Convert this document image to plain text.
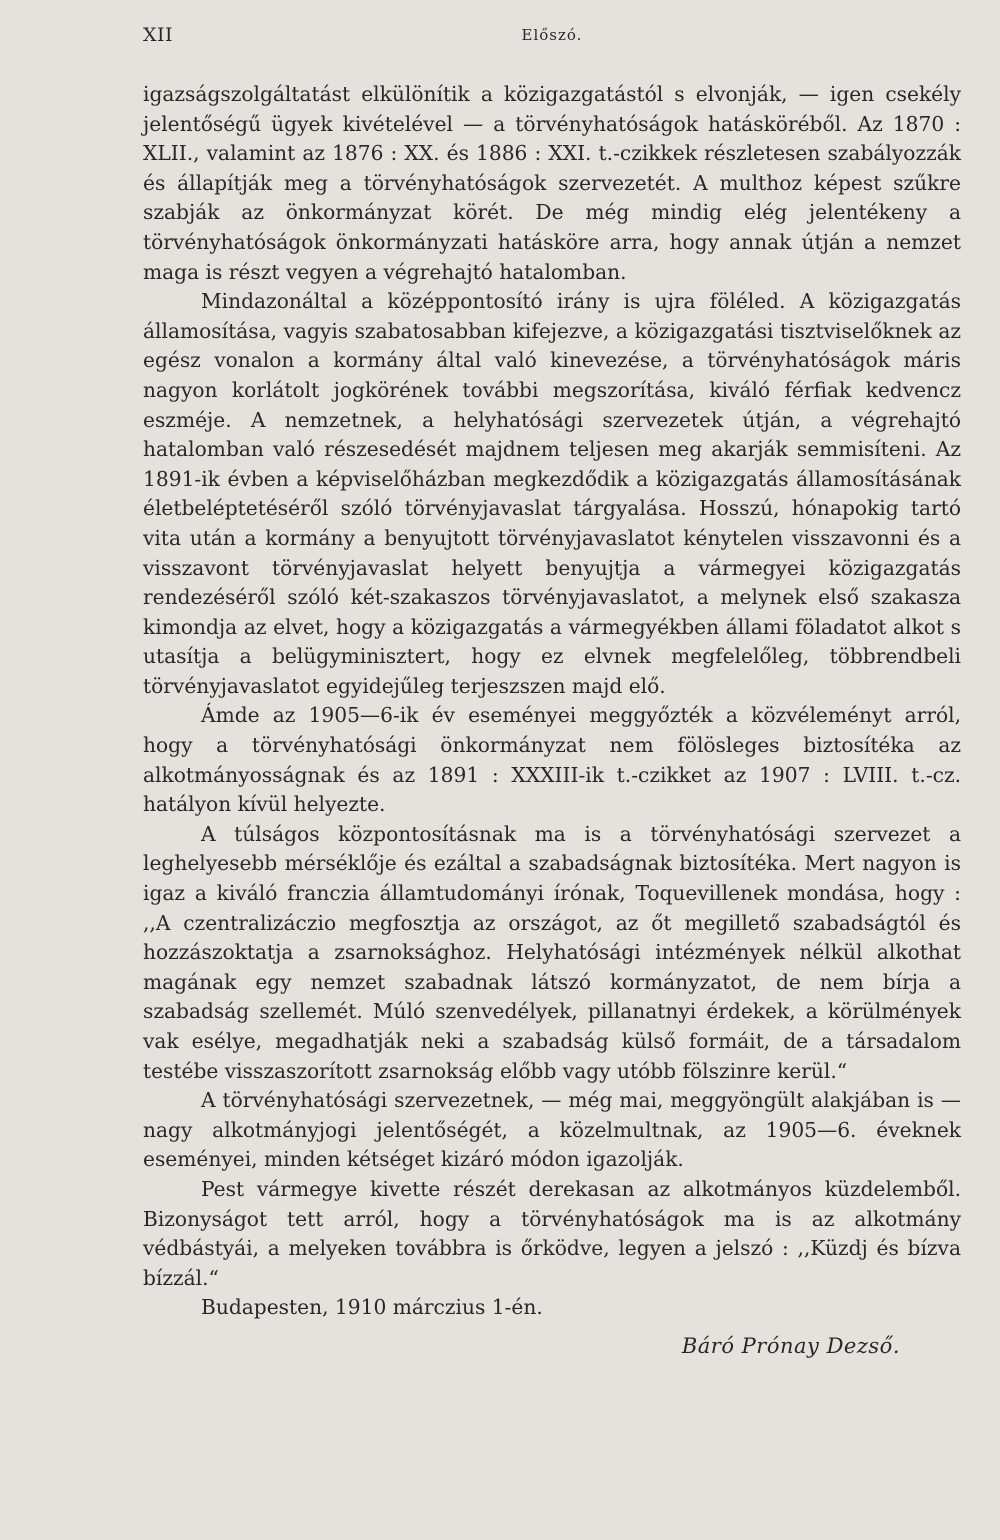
XII	Előszó.

igazságszolgáltatást elkülönítik a közigazgatástól s elvonják, — igen csekély jelentőségű ügyek kivételével — a törvényhatóságok hatásköréből. Az 1870 : XLII., valamint az 1876 : XX. és 1886 : XXI. t.-czikkek részletesen szabályozzák és állapítják meg a törvényhatóságok szervezetét. A multhoz képest szűkre szabják az önkormányzat körét. De még mindig elég jelentékeny a törvényhatóságok önkormányzati hatásköre arra, hogy annak útján a nemzet maga is részt vegyen a végrehajtó hatalomban.

Mindazonáltal a középpontosító irány is ujra föléled. A közigazgatás államosítása, vagyis szabatosabban kifejezve, a közigazgatási tisztviselőknek az egész vonalon a kormány által való kinevezése, a törvényhatóságok máris nagyon korlátolt jogkörének további megszorítása, kiváló férfiak kedvencz eszméje. A nemzetnek, a helyhatósági szervezetek útján, a végrehajtó hatalomban való részesedését majdnem teljesen meg akarják semmisíteni. Az 1891-ik évben a képviselőházban megkezdődik a közigazgatás államosításának életbeléptetéséről szóló törvényjavaslat tárgyalása. Hosszú, hónapokig tartó vita után a kormány a benyujtott törvényjavaslatot kénytelen visszavonni és a visszavont törvényjavaslat helyett benyujtja a vármegyei közigazgatás rendezéséről szóló két-szakaszos törvényjavaslatot, a melynek első szakasza kimondja az elvet, hogy a közigazgatás a vármegyékben állami föladatot alkot s utasítja a belügyminisztert, hogy ez elvnek megfelelőleg, többrendbeli törvényjavaslatot egyidejűleg terjeszszen majd elő.

Ámde az 1905—6-ik év eseményei meggyőzték a közvéleményt arról, hogy a törvényhatósági önkormányzat nem fölösleges biztosítéka az alkotmányosságnak és az 1891 : XXXIII-ik t.-czikket az 1907 : LVIII. t.-cz. hatályon kívül helyezte.

A túlságos központosításnak ma is a törvényhatósági szervezet a leghelyesebb mérséklője és ezáltal a szabadságnak biztosítéka. Mert nagyon is igaz a kiváló franczia államtudományi írónak, Toquevillenek mondása, hogy : ,,A czentralizáczio megfosztja az országot, az őt megillető szabadságtól és hozzászoktatja a zsarnoksághoz. Helyhatósági intézmények nélkül alkothat magának egy nemzet szabadnak látszó kormányzatot, de nem bírja a szabadság szellemét. Múló szenvedélyek, pillanatnyi érdekek, a körülmények vak esélye, megadhatják neki a szabadság külső formáit, de a társadalom testébe visszaszorított zsarnokság előbb vagy utóbb fölszinre kerül.“

A törvényhatósági szervezetnek, — még mai, meggyöngült alakjában is — nagy alkotmányjogi jelentőségét, a közelmultnak, az 1905—6. éveknek eseményei, minden kétséget kizáró módon igazolják.

Pest vármegye kivette részét derekasan az alkotmányos küzdelemből. Bizonyságot tett arról, hogy a törvényhatóságok ma is az alkotmány védbástyái, a melyeken továbbra is őrködve, legyen a jelszó : ,,Küzdj és bízva bízzál.“

Budapesten, 1910 márczius 1-én.

Báró Prónay Dezső.
